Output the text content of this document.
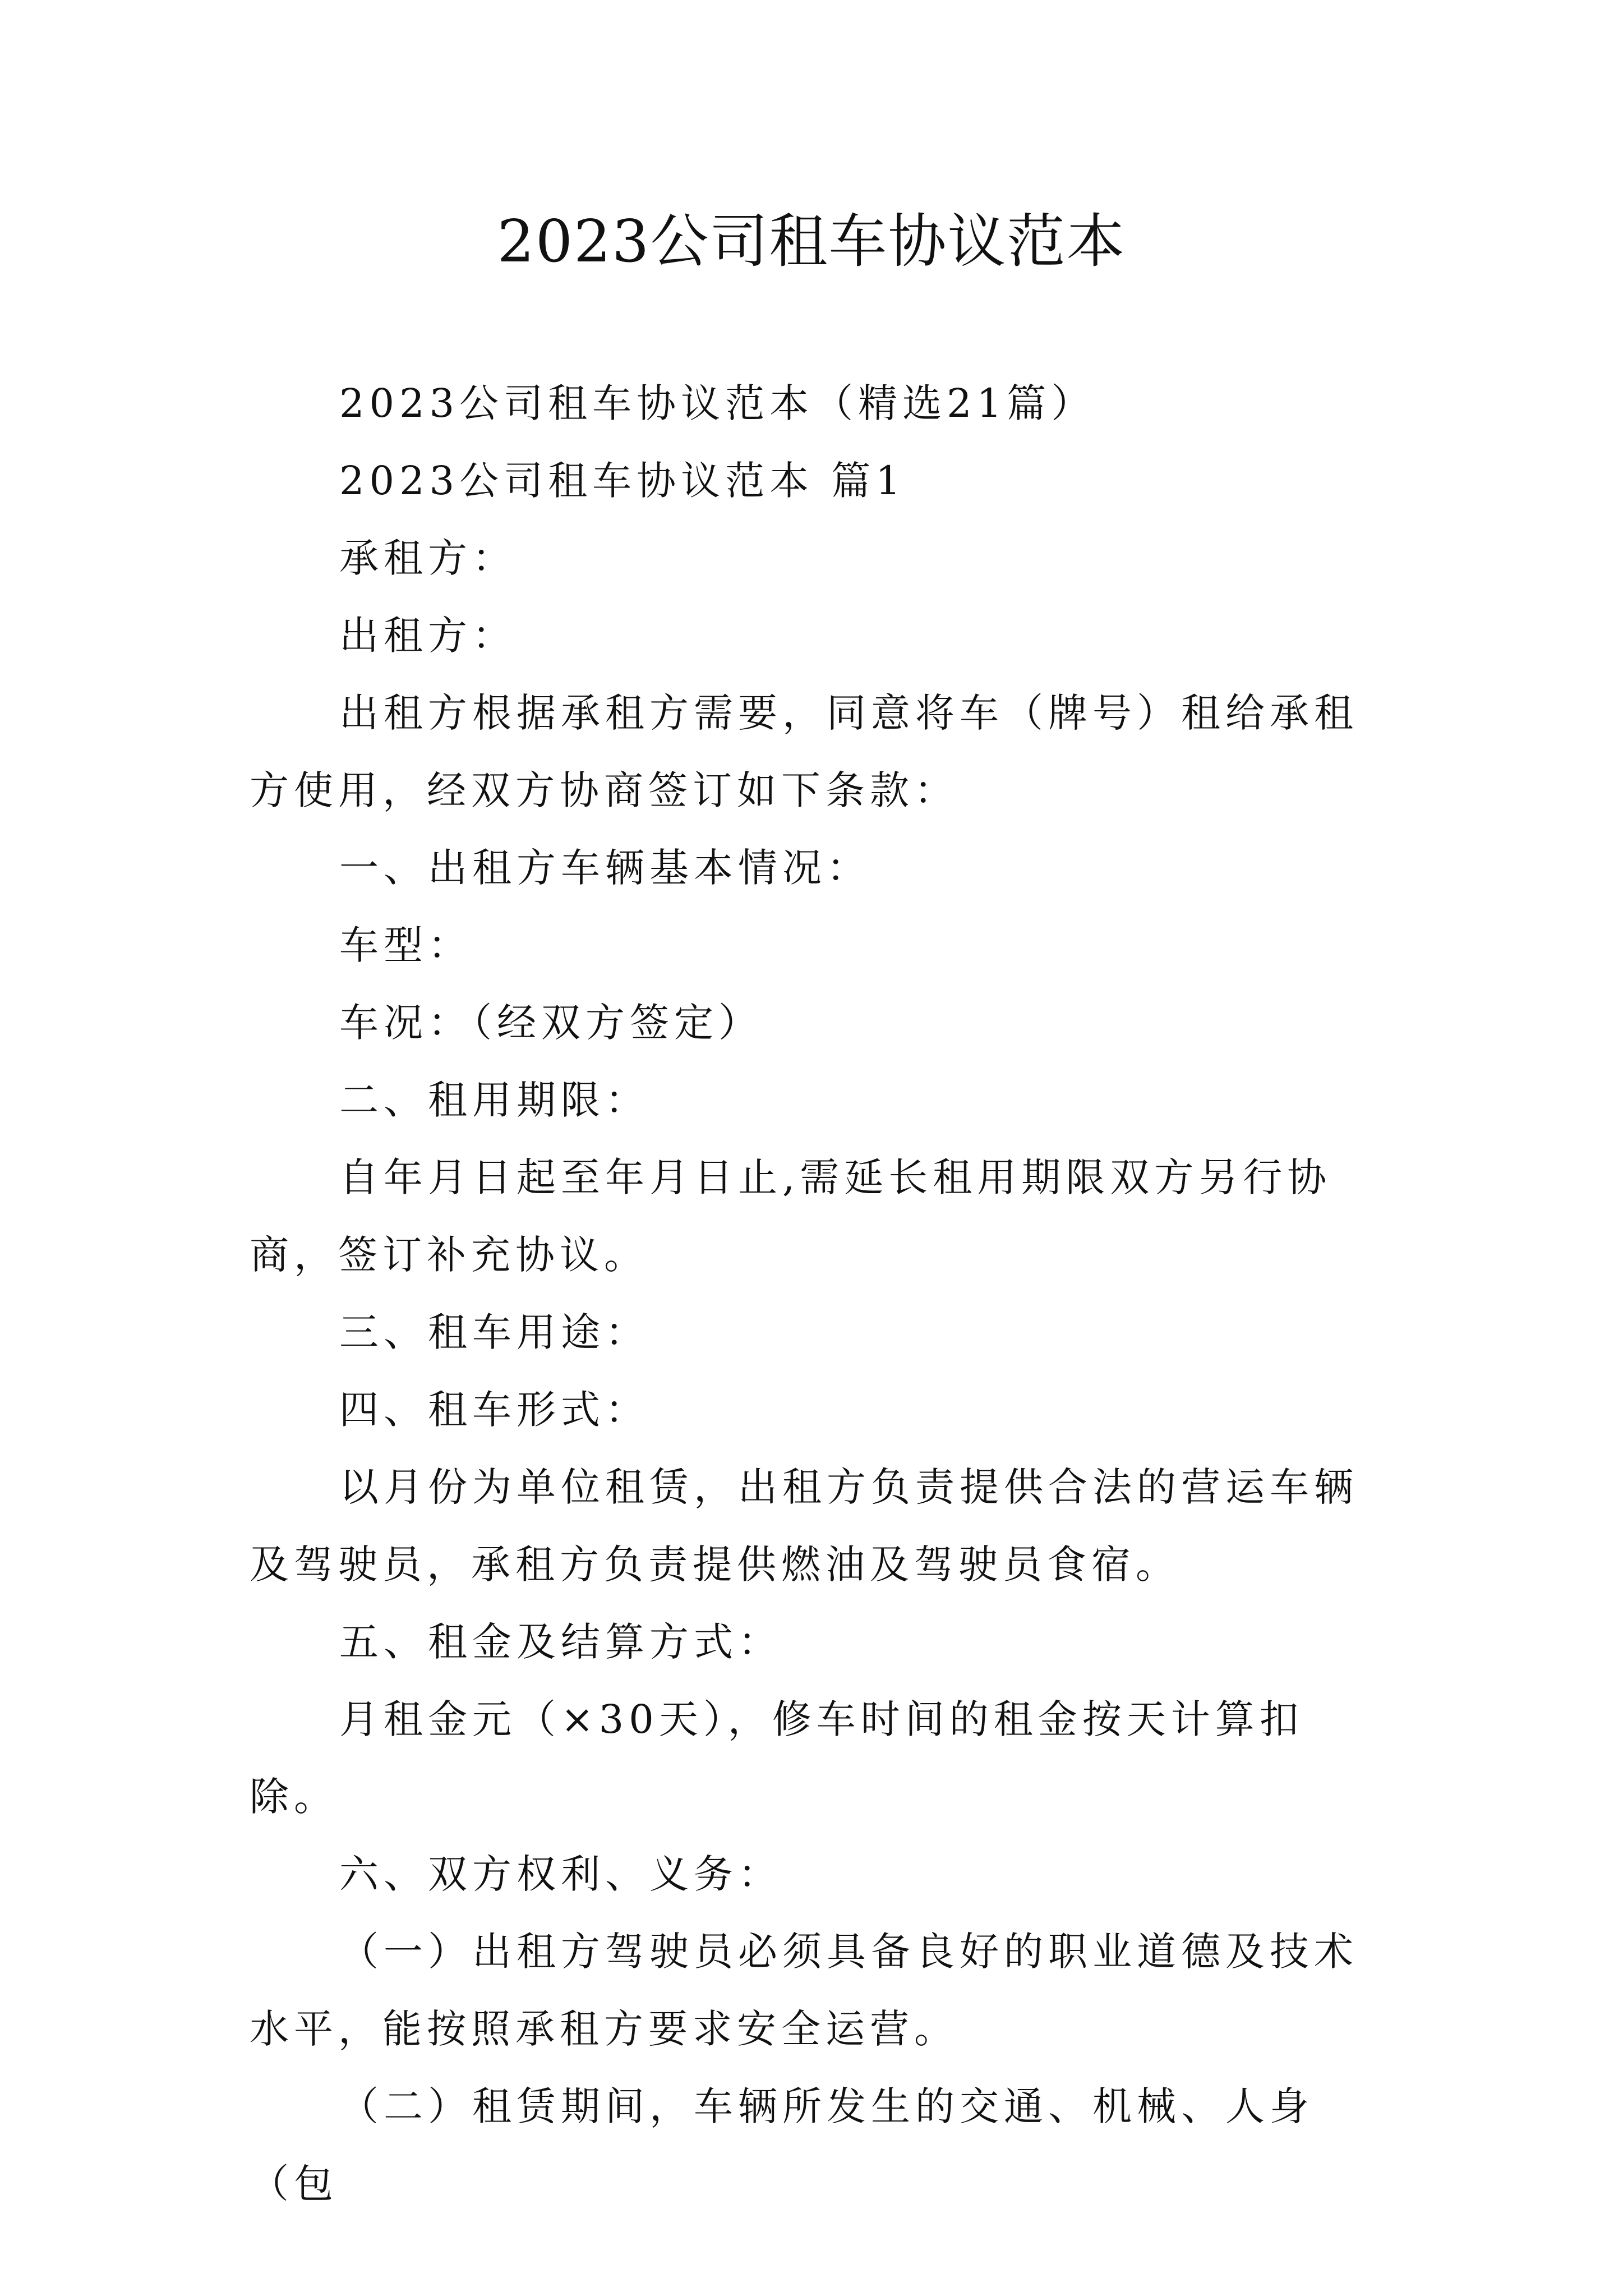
2023公司租车协议范本

2023公司租车协议范本（精选21篇）

2023公司租车协议范本 篇1

承租方：

出租方：

出租方根据承租方需要，同意将车（牌号）租给承租方使用，经双方协商签订如下条款：

一、出租方车辆基本情况：

车型：

车况：（经双方签定）

二、租用期限：

自年月日起至年月日止,需延长租用期限双方另行协商，签订补充协议。

三、租车用途：

四、租车形式：

以月份为单位租赁，出租方负责提供合法的营运车辆及驾驶员，承租方负责提供燃油及驾驶员食宿。

五、租金及结算方式：

月租金元（×30天），修车时间的租金按天计算扣除。

六、双方权利、义务：

（一）出租方驾驶员必须具备良好的职业道德及技术水平，能按照承租方要求安全运营。

（二）租赁期间，车辆所发生的交通、机械、人身（包
